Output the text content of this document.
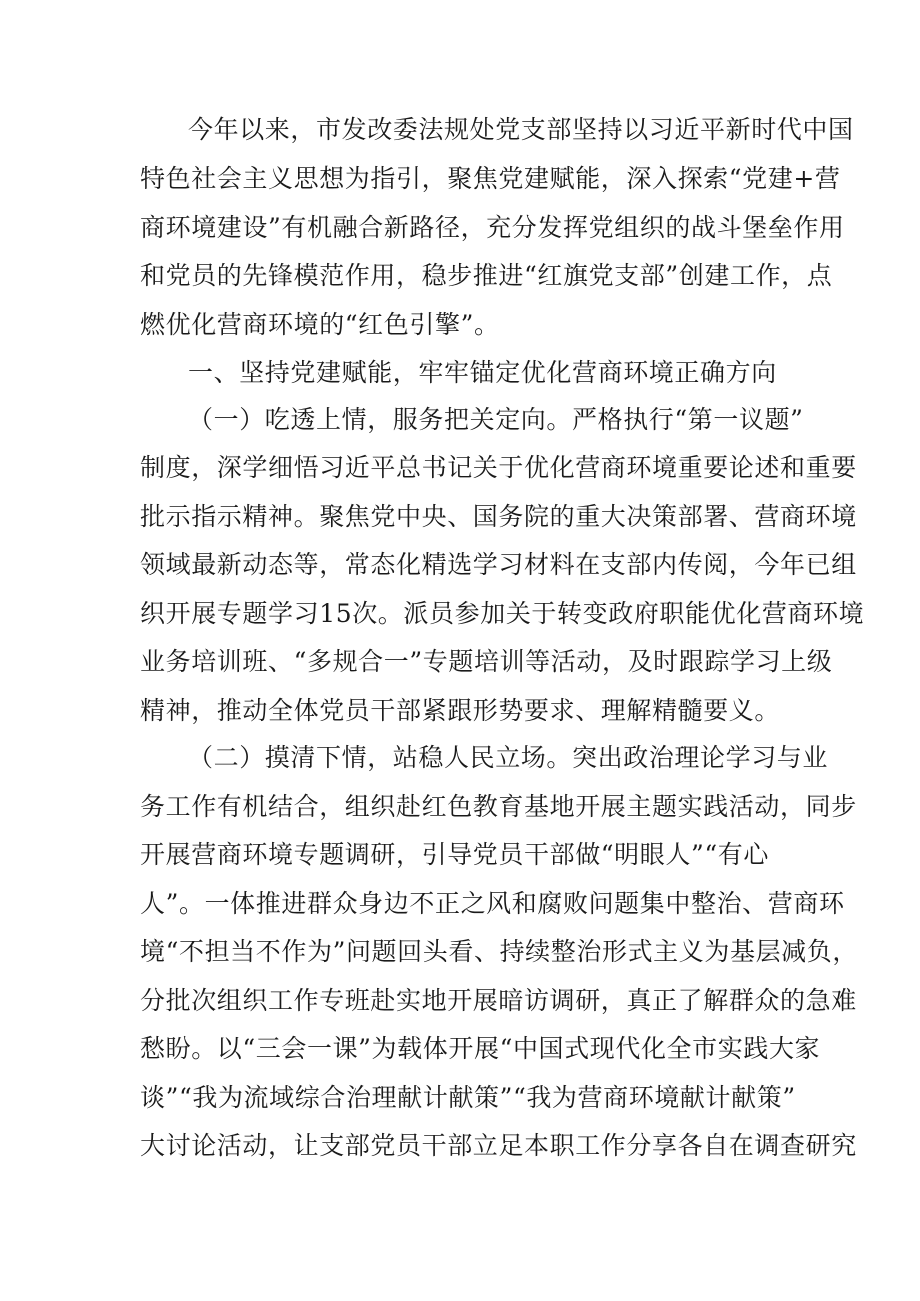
今年以来，市发改委法规处党支部坚持以习近平新时代中国

特色社会主义思想为指引，聚焦党建赋能，深入探索“党建+营

商环境建设”有机融合新路径，充分发挥党组织的战斗堡垒作用

和党员的先锋模范作用，稳步推进“红旗党支部”创建工作，点

燃优化营商环境的“红色引擎”。

一、坚持党建赋能，牢牢锚定优化营商环境正确方向

（一）吃透上情，服务把关定向。严格执行“第一议题”

制度，深学细悟习近平总书记关于优化营商环境重要论述和重要

批示指示精神。聚焦党中央、国务院的重大决策部署、营商环境

领域最新动态等，常态化精选学习材料在支部内传阅，今年已组

织开展专题学习15次。派员参加关于转变政府职能优化营商环境

业务培训班、“多规合一”专题培训等活动，及时跟踪学习上级

精神，推动全体党员干部紧跟形势要求、理解精髓要义。

（二）摸清下情，站稳人民立场。突出政治理论学习与业

务工作有机结合，组织赴红色教育基地开展主题实践活动，同步

开展营商环境专题调研，引导党员干部做“明眼人”“有心

人”。一体推进群众身边不正之风和腐败问题集中整治、营商环

境“不担当不作为”问题回头看、持续整治形式主义为基层减负，

分批次组织工作专班赴实地开展暗访调研，真正了解群众的急难

愁盼。以“三会一课”为载体开展“中国式现代化全市实践大家

谈”“我为流域综合治理献计献策”“我为营商环境献计献策”

大讨论活动，让支部党员干部立足本职工作分享各自在调查研究
